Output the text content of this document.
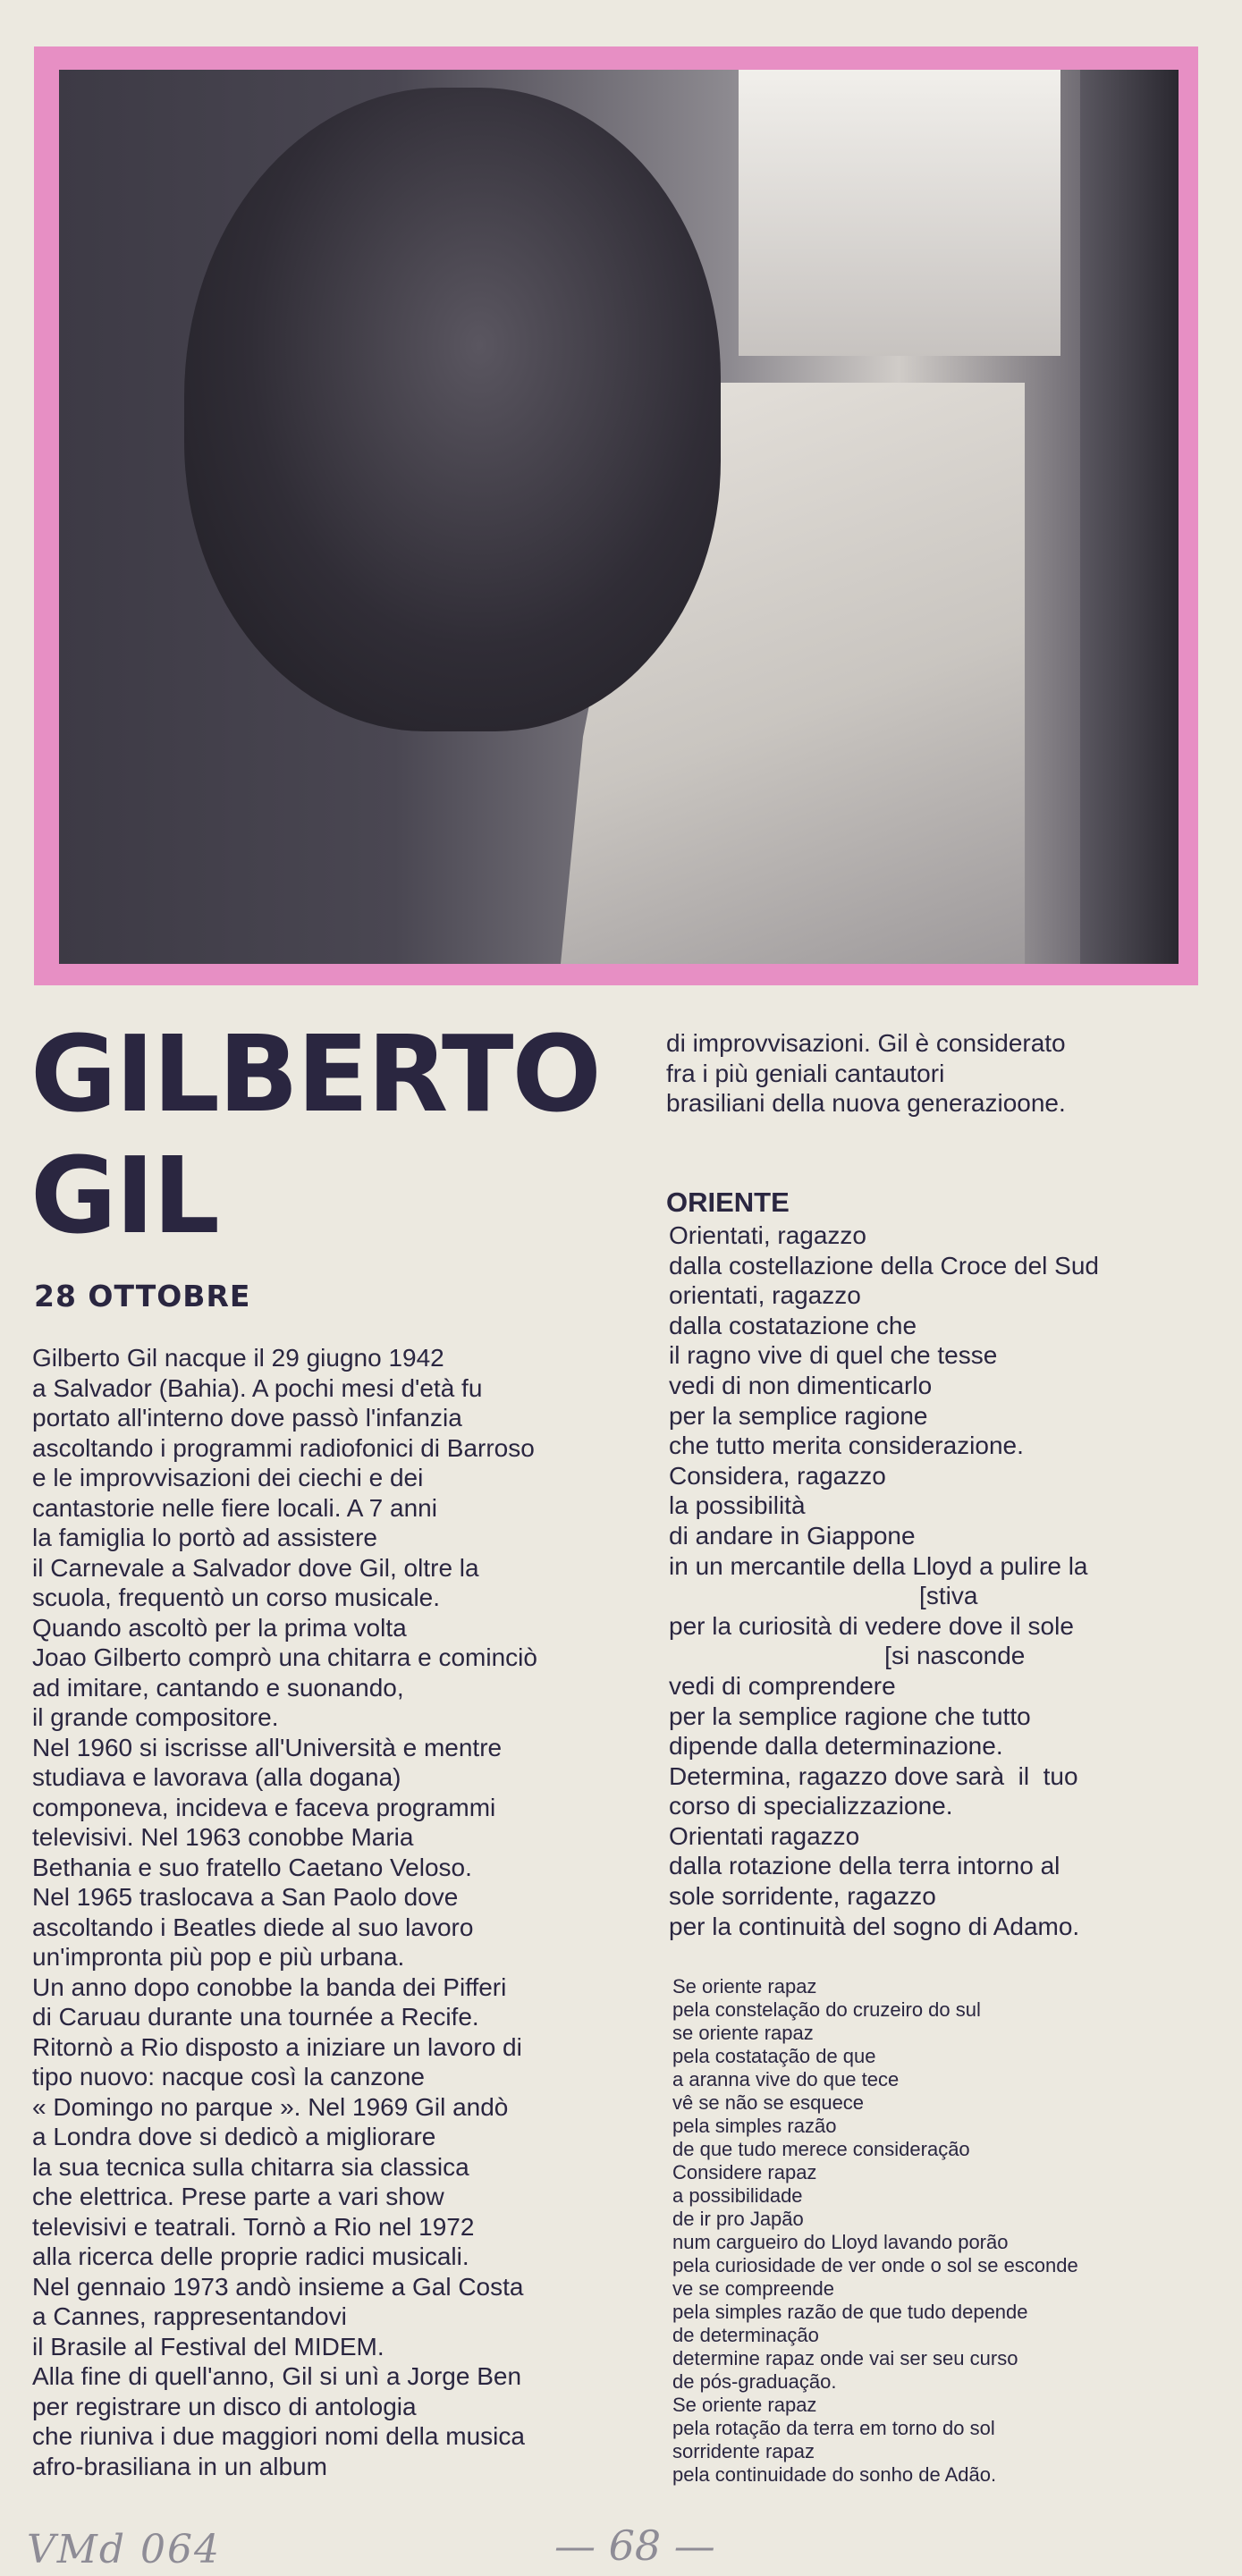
GILBERTO
GIL

28 OTTOBRE

Gilberto Gil nacque il 29 giugno 1942
a Salvador (Bahia). A pochi mesi d'età fu
portato all'interno dove passò l'infanzia
ascoltando i programmi radiofonici di Barroso
e le improvvisazioni dei ciechi e dei
cantastorie nelle fiere locali. A 7 anni
la famiglia lo portò ad assistere
il Carnevale a Salvador dove Gil, oltre la
scuola, frequentò un corso musicale.
Quando ascoltò per la prima volta
Joao Gilberto comprò una chitarra e cominciò
ad imitare, cantando e suonando,
il grande compositore.
Nel 1960 si iscrisse all'Università e mentre
studiava e lavorava (alla dogana)
componeva, incideva e faceva programmi
televisivi. Nel 1963 conobbe Maria
Bethania e suo fratello Caetano Veloso.
Nel 1965 traslocava a San Paolo dove
ascoltando i Beatles diede al suo lavoro
un'impronta più pop e più urbana.
Un anno dopo conobbe la banda dei Pifferi
di Caruau durante una tournée a Recife.
Ritornò a Rio disposto a iniziare un lavoro di
tipo nuovo: nacque così la canzone
« Domingo no parque ». Nel 1969 Gil andò
a Londra dove si dedicò a migliorare
la sua tecnica sulla chitarra sia classica
che elettrica. Prese parte a vari show
televisivi e teatrali. Tornò a Rio nel 1972
alla ricerca delle proprie radici musicali.
Nel gennaio 1973 andò insieme a Gal Costa
a Cannes, rappresentandovi
il Brasile al Festival del MIDEM.
Alla fine di quell'anno, Gil si unì a Jorge Ben
per registrare un disco di antologia
che riuniva i due maggiori nomi della musica
afro-brasiliana in un album

di improvvisazioni. Gil è considerato
fra i più geniali cantautori
brasiliani della nuova generazioone.

ORIENTE

Orientati, ragazzo
dalla costellazione della Croce del Sud
orientati, ragazzo
dalla costatazione che
il ragno vive di quel che tesse
vedi di non dimenticarlo
per la semplice ragione
che tutto merita considerazione.
Considera, ragazzo
la possibilità
di andare in Giappone
in un mercantile della Lloyd a pulire la
[stiva
per la curiosità di vedere dove il sole
[si nasconde
vedi di comprendere
per la semplice ragione che tutto
dipende dalla determinazione.
Determina, ragazzo dove sarà  il  tuo
corso di specializzazione.
Orientati ragazzo
dalla rotazione della terra intorno al
sole sorridente, ragazzo
per la continuità del sogno di Adamo.

Se oriente rapaz
pela constelação do cruzeiro do sul
se oriente rapaz
pela costatação de que
a aranna vive do que tece
vê se não se esquece
pela simples razão
de que tudo merece consideração
Considere rapaz
a possibilidade
de ir pro Japão
num cargueiro do Lloyd lavando porão
pela curiosidade de ver onde o sol se esconde
ve se compreende
pela simples razão de que tudo depende
de determinação
determine rapaz onde vai ser seu curso
de pós-graduação.
Se oriente rapaz
pela rotação da terra em torno do sol
sorridente rapaz
pela continuidade do sonho de Adão.

VMd 064	— 68 —
